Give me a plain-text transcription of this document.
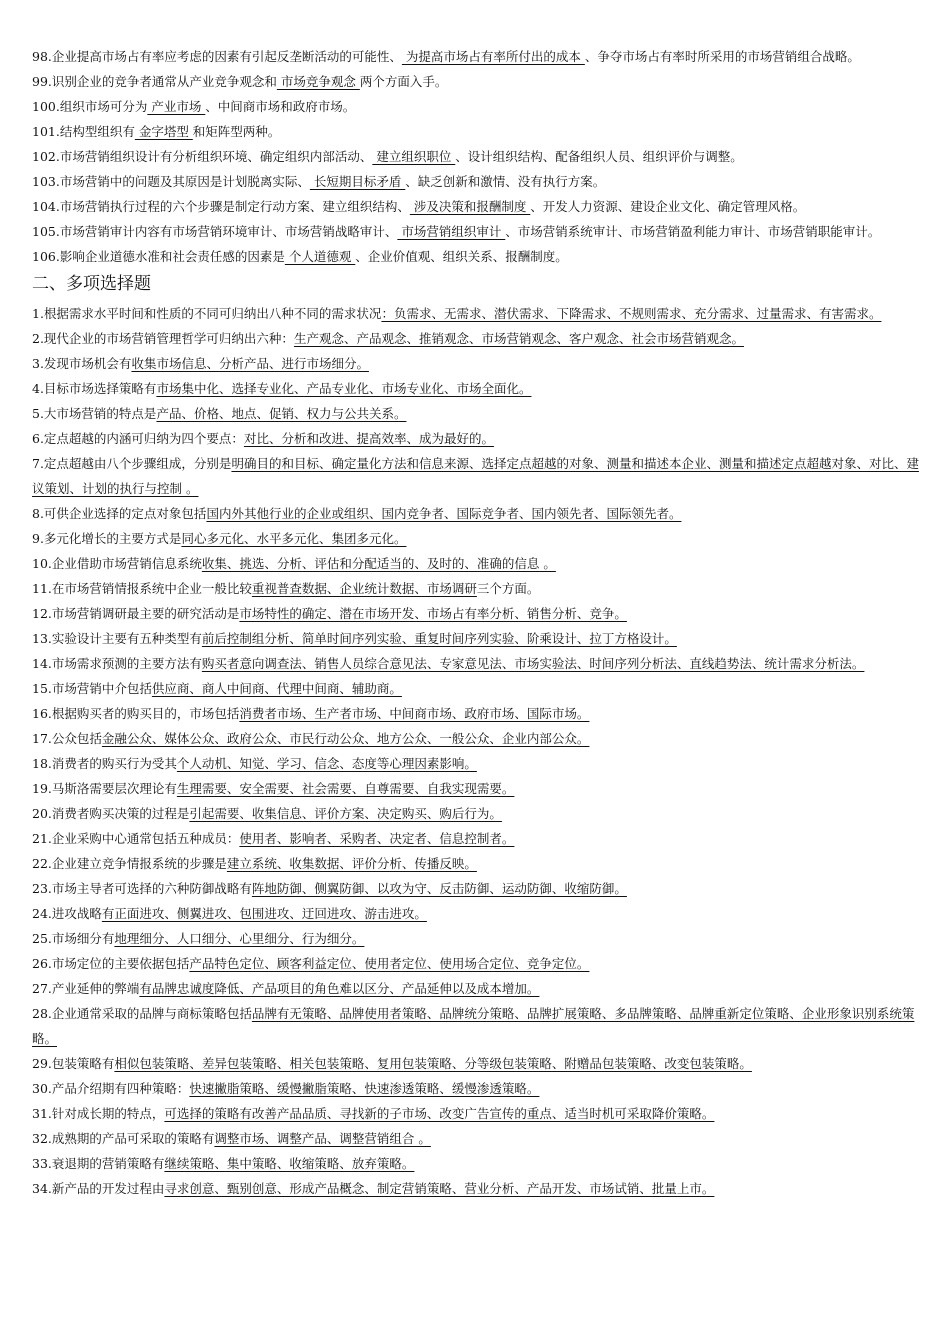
98.企业提高市场占有率应考虑的因素有引起反垄断活动的可能性、 为提高市场占有率所付出的成本 、争夺市场占有率时所采用的市场营销组合战略。
99.识别企业的竞争者通常从产业竞争观念和 市场竞争观念 两个方面入手。
100.组织市场可分为 产业市场 、中间商市场和政府市场。
101.结构型组织有 金字塔型 和矩阵型两种。
102.市场营销组织设计有分析组织环境、确定组织内部活动、 建立组织职位 、设计组织结构、配备组织人员、组织评价与调整。
103.市场营销中的问题及其原因是计划脱离实际、 长短期目标矛盾 、缺乏创新和激情、没有执行方案。
104.市场营销执行过程的六个步骤是制定行动方案、建立组织结构、 涉及决策和报酬制度 、开发人力资源、建设企业文化、确定管理风格。
105.市场营销审计内容有市场营销环境审计、市场营销战略审计、 市场营销组织审计 、市场营销系统审计、市场营销盈利能力审计、市场营销职能审计。
106.影响企业道德水准和社会责任感的因素是 个人道德观 、企业价值观、组织关系、报酬制度。
二、多项选择题
1.根据需求水平时间和性质的不同可归纳出八种不同的需求状况：负需求、无需求、潜伏需求、下降需求、不规则需求、充分需求、过量需求、有害需求。
2.现代企业的市场营销管理哲学可归纳出六种：生产观念、产品观念、推销观念、市场营销观念、客户观念、社会市场营销观念。
3.发现市场机会有收集市场信息、分析产品、进行市场细分。
4.目标市场选择策略有市场集中化、选择专业化、产品专业化、市场专业化、市场全面化。
5.大市场营销的特点是产品、价格、地点、促销、权力与公共关系。
6.定点超越的内涵可归纳为四个要点：对比、分析和改进、提高效率、成为最好的。
7.定点超越由八个步骤组成，分别是明确目的和目标、确定量化方法和信息来源、选择定点超越的对象、测量和描述本企业、测量和描述定点超越对象、对比、建议策划、计划的执行与控制 。
8.可供企业选择的定点对象包括国内外其他行业的企业或组织、国内竞争者、国际竞争者、国内领先者、国际领先者。
9.多元化增长的主要方式是同心多元化、水平多元化、集团多元化。
10.企业借助市场营销信息系统收集、挑选、分析、评估和分配适当的、及时的、准确的信息 。
11.在市场营销情报系统中企业一般比较重视普查数据、企业统计数据、市场调研三个方面。
12.市场营销调研最主要的研究活动是市场特性的确定、潜在市场开发、市场占有率分析、销售分析、竞争。
13.实验设计主要有五种类型有前后控制组分析、简单时间序列实验、重复时间序列实验、阶乘设计、拉丁方格设计。
14.市场需求预测的主要方法有购买者意向调查法、销售人员综合意见法、专家意见法、市场实验法、时间序列分析法、直线趋势法、统计需求分析法。
15.市场营销中介包括供应商、商人中间商、代理中间商、辅助商。
16.根据购买者的购买目的，市场包括消费者市场、生产者市场、中间商市场、政府市场、国际市场。
17.公众包括金融公众、媒体公众、政府公众、市民行动公众、地方公众、一般公众、企业内部公众。
18.消费者的购买行为受其个人动机、知觉、学习、信念、态度等心理因素影响。
19.马斯洛需要层次理论有生理需要、安全需要、社会需要、自尊需要、自我实现需要。
20.消费者购买决策的过程是引起需要、收集信息、评价方案、决定购买、购后行为。
21.企业采购中心通常包括五种成员：使用者、影响者、采购者、决定者、信息控制者。
22.企业建立竞争情报系统的步骤是建立系统、收集数据、评价分析、传播反映。
23.市场主导者可选择的六种防御战略有阵地防御、侧翼防御、以攻为守、反击防御、运动防御、收缩防御。
24.进攻战略有正面进攻、侧翼进攻、包围进攻、迂回进攻、游击进攻。
25.市场细分有地理细分、人口细分、心里细分、行为细分。
26.市场定位的主要依据包括产品特色定位、顾客利益定位、使用者定位、使用场合定位、竞争定位。
27.产业延伸的弊端有品牌忠诚度降低、产品项目的角色难以区分、产品延伸以及成本增加。
28.企业通常采取的品牌与商标策略包括品牌有无策略、品牌使用者策略、品牌统分策略、品牌扩展策略、多品牌策略、品牌重新定位策略、企业形象识别系统策略。
29.包装策略有相似包装策略、差异包装策略、相关包装策略、复用包装策略、分等级包装策略、附赠品包装策略、改变包装策略。
30.产品介绍期有四种策略：快速撇脂策略、缓慢撇脂策略、快速渗透策略、缓慢渗透策略。
31.针对成长期的特点，可选择的策略有改善产品品质、寻找新的子市场、改变广告宣传的重点、适当时机可采取降价策略。
32.成熟期的产品可采取的策略有调整市场、调整产品、调整营销组合 。
33.衰退期的营销策略有继续策略、集中策略、收缩策略、放弃策略。
34.新产品的开发过程由寻求创意、甄别创意、形成产品概念、制定营销策略、营业分析、产品开发、市场试销、批量上市。
